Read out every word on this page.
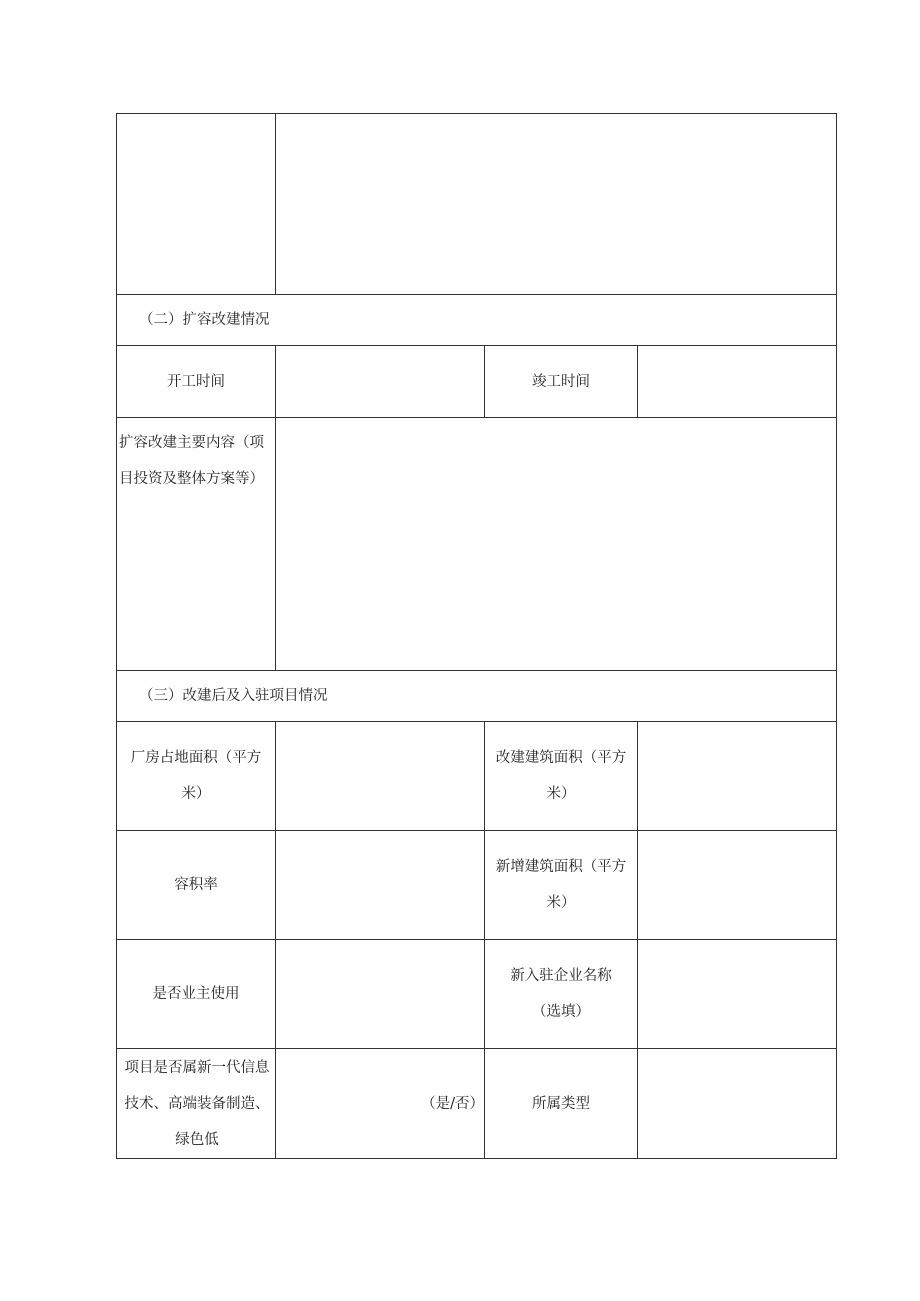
（二）扩容改建情况			
开工时间		竣工时间	

扩容改建主要内容（项目投资及整体方案等）			

（三）改建后及入驻项目情况			

厂房占地面积（平方米）		改建建筑面积（平方米）	

容积率		新增建筑面积（平方米）	

是否业主使用		新入驻企业名称（选填）	

项目是否属新一代信息技术、高端装备制造、绿色低	（是/否）	所属类型	
